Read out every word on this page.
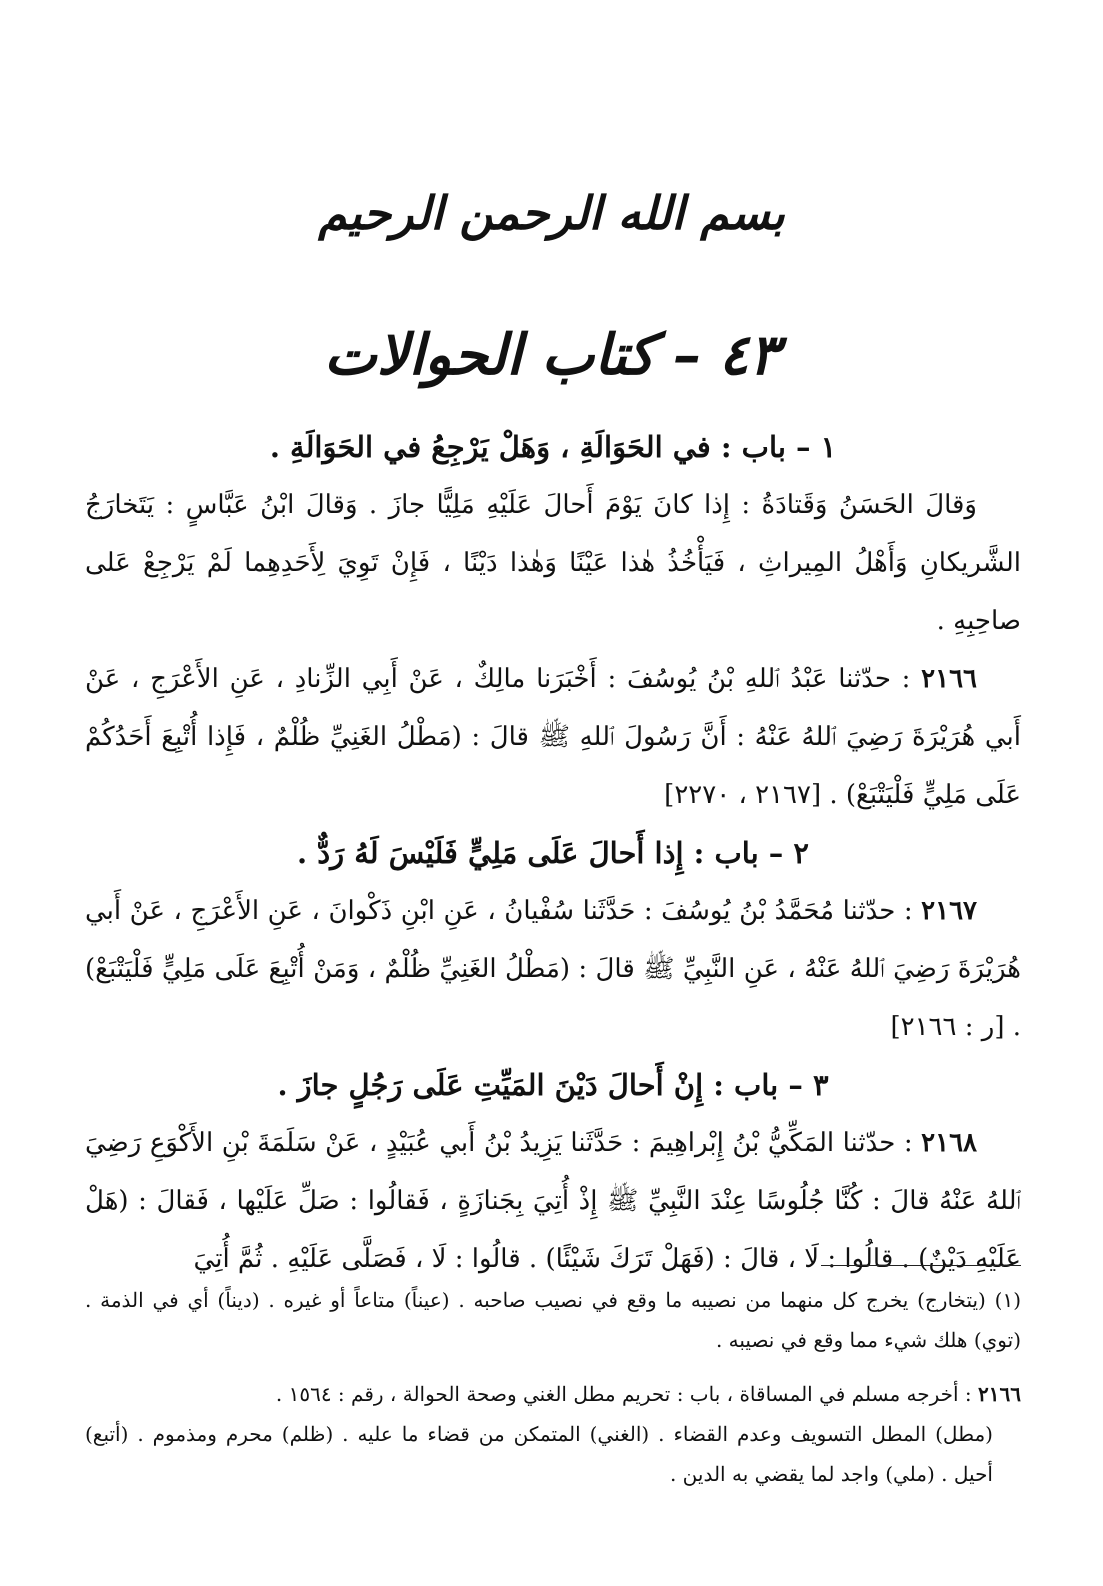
بسم الله الرحمن الرحيم
٤٣–كتاب الحوالات
١ – باب : في الحَوَالَةِ ، وَهَلْ يَرْجِعُ في الحَوَالَةِ .
وَقالَ الحَسَنُ وَقَتادَةُ : إِذا كانَ يَوْمَ أَحالَ عَلَيْهِ مَلِيًّا جازَ . وَقالَ ابْنُ عَبَّاسٍ : يَتَخارَجُ الشَّريكانِ وَأَهْلُ المِيراثِ ، فَيَأْخُذُ هٰذا عَيْنًا وَهٰذا دَيْنًا ، فَإِنْ تَوِيَ لِأَحَدِهِما لَمْ يَرْجِعْ عَلى صاحِبِهِ .
٢١٦٦ : حدّثنا عَبْدُ ٱللهِ بْنُ يُوسُفَ : أَخْبَرَنا مالِكٌ ، عَنْ أَبِي الزِّنادِ ، عَنِ الأَعْرَجِ ، عَنْ أَبي هُرَيْرَةَ رَضِيَ ٱللهُ عَنْهُ : أَنَّ رَسُولَ ٱللهِ ﷺ قالَ : (مَطْلُ الغَنِيِّ ظُلْمٌ ، فَإِذا أُتْبِعَ أَحَدُكُمْ عَلَى مَلِيٍّ فَلْيَتْبَعْ) . [٢١٦٧ ، ٢٢٧٠]
٢ – باب : إِذا أَحالَ عَلَى مَلِيٍّ فَلَيْسَ لَهُ رَدٌّ .
٢١٦٧ : حدّثنا مُحَمَّدُ بْنُ يُوسُفَ : حَدَّثَنا سُفْيانُ ، عَنِ ابْنِ ذَكْوانَ ، عَنِ الأَعْرَجِ ، عَنْ أَبي هُرَيْرَةَ رَضِيَ ٱللهُ عَنْهُ ، عَنِ النَّبِيِّ ﷺ قالَ : (مَطْلُ الغَنِيِّ ظُلْمٌ ، وَمَنْ أُتْبِعَ عَلَى مَلِيٍّ فَلْيَتْبَعْ) . [ر : ٢١٦٦]
٣ – باب : إِنْ أَحالَ دَيْنَ المَيِّتِ عَلَى رَجُلٍ جازَ .
٢١٦٨ : حدّثنا المَكِّيُّ بْنُ إِبْراهِيمَ : حَدَّثَنا يَزِيدُ بْنُ أَبي عُبَيْدٍ ، عَنْ سَلَمَةَ بْنِ الأَكْوَعِ رَضِيَ ٱللهُ عَنْهُ قالَ : كُنَّا جُلُوسًا عِنْدَ النَّبِيِّ ﷺ إِذْ أُتِيَ بِجَنازَةٍ ، فَقالُوا : صَلِّ عَلَيْها ، فَقالَ : (هَلْ عَلَيْهِ دَيْنٌ) . قالُوا : لَا ، قالَ : (فَهَلْ تَرَكَ شَيْئًا) . قالُوا : لَا ، فَصَلَّى عَلَيْهِ . ثُمَّ أُتِيَ

(١) (يتخارج) يخرج كل منهما من نصيبه ما وقع في نصيب صاحبه . (عيناً) متاعاً أو غيره . (ديناً) أي في الذمة . (توي) هلك شيء مما وقع في نصيبه .

٢١٦٦ : أخرجه مسلم في المساقاة ، باب : تحريم مطل الغني وصحة الحوالة ، رقم : ١٥٦٤ .

(مطل) المطل التسويف وعدم القضاء . (الغني) المتمكن من قضاء ما عليه . (ظلم) محرم ومذموم . (أتبع) أحيل . (ملي) واجد لما يقضي به الدين .
